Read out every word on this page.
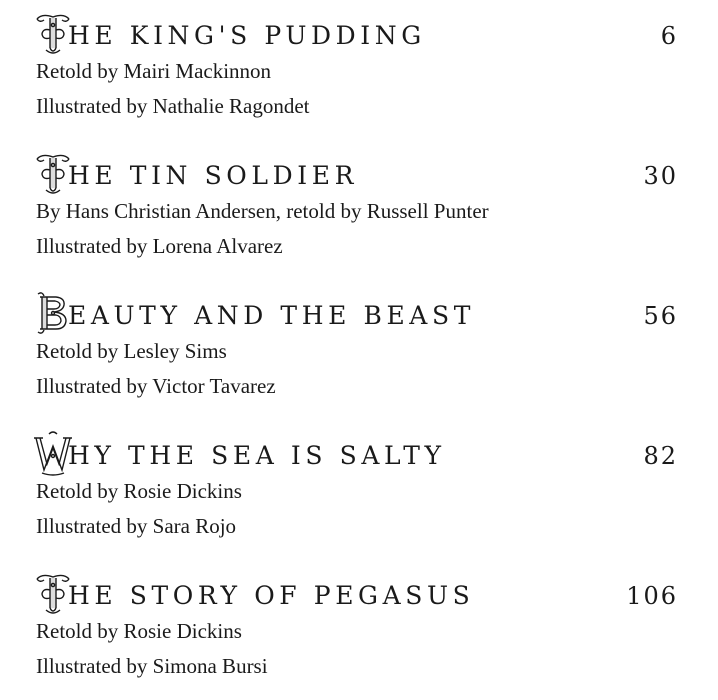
HE KING'S PUDDING	6
Retold by Mairi Mackinnon
Illustrated by Nathalie Ragondet
HE TIN SOLDIER	30
By Hans Christian Andersen, retold by Russell Punter
Illustrated by Lorena Alvarez
EAUTY AND THE BEAST	56
Retold by Lesley Sims
Illustrated by Victor Tavarez
HY THE SEA IS SALTY	82
Retold by Rosie Dickins
Illustrated by Sara Rojo
HE STORY OF PEGASUS	106
Retold by Rosie Dickins
Illustrated by Simona Bursi
